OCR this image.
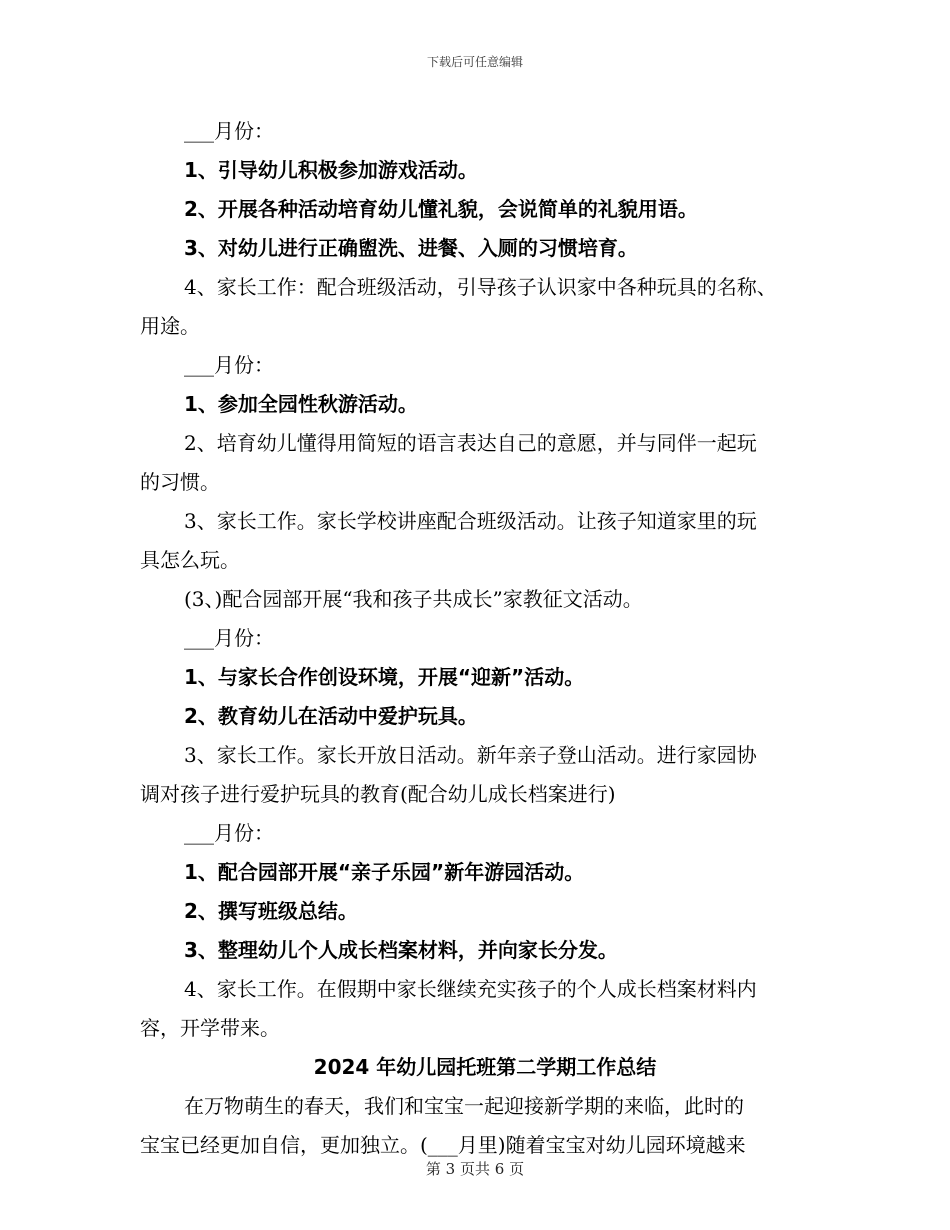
下载后可任意编辑
___月份：
1、引导幼儿积极参加游戏活动。
2、开展各种活动培育幼儿懂礼貌，会说简单的礼貌用语。
3、对幼儿进行正确盥洗、进餐、入厕的习惯培育。
4、家长工作：配合班级活动，引导孩子认识家中各种玩具的名称、
用途。
___月份：
1、参加全园性秋游活动。
2、培育幼儿懂得用简短的语言表达自己的意愿，并与同伴一起玩
的习惯。
3、家长工作。家长学校讲座配合班级活动。让孩子知道家里的玩
具怎么玩。
(3、)配合园部开展“我和孩子共成长”家教征文活动。
___月份：
1、与家长合作创设环境，开展“迎新”活动。
2、教育幼儿在活动中爱护玩具。
3、家长工作。家长开放日活动。新年亲子登山活动。进行家园协
调对孩子进行爱护玩具的教育(配合幼儿成长档案进行)
___月份：
1、配合园部开展“亲子乐园”新年游园活动。
2、撰写班级总结。
3、整理幼儿个人成长档案材料，并向家长分发。
4、家长工作。在假期中家长继续充实孩子的个人成长档案材料内
容，开学带来。
2024 年幼儿园托班第二学期工作总结
在万物萌生的春天，我们和宝宝一起迎接新学期的来临，此时的
宝宝已经更加自信，更加独立。(___月里)随着宝宝对幼儿园环境越来
第 3 页共 6 页
